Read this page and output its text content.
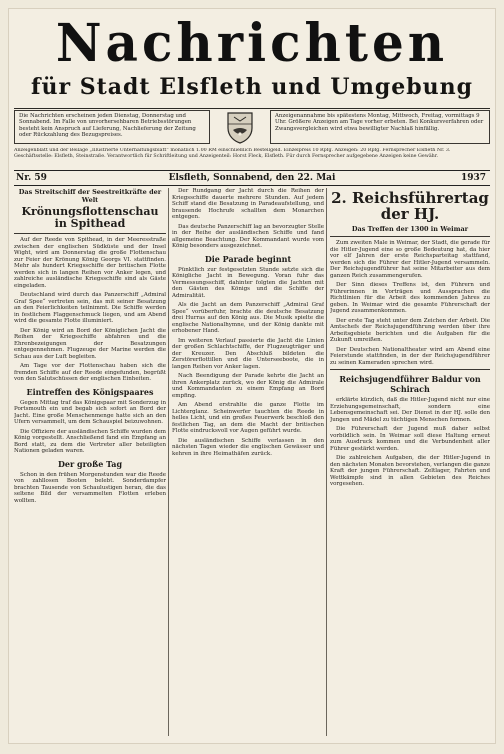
Nachrichten
für Stadt Elsfleth und Umgebung
Die Nachrichten erscheinen jeden Dienstag, Donnerstag und Sonnabend. Im Falle von unvorhersehbaren Betriebsstörungen besteht kein Anspruch auf Lieferung, Nachlieferung der Zeitung oder Rückzahlung des Bezugspreises.
Anzeigenannahme bis spätestens Montag, Mittwoch, Freitag, vormittags 9 Uhr. Größere Anzeigen am Tage vorher erbeten. Bei Konkursverfahren oder Zwangsvergleichen wird etwa bewilligter Nachlaß hinfällig.
Anzeigenblatt und der Beilage „Illustrierte Unterhaltungsblatt“ monatlich 1.00 RM einschließlich Bestellgeld. Einzelpreis 10 Rpfg. Anzeigen: 20 Rpfg. Fernsprecher Elsfleth Nr. 3. Geschäftsstelle: Elsfleth, Steinstraße. Verantwortlich für Schriftleitung und Anzeigenteil: Horst Fleck, Elsfleth. Für durch Fernsprecher aufgegebene Anzeigen keine Gewähr.
Nr. 59	Elsfleth, Sonnabend, den 22. Mai	1937
Das Streitschiff der Seestreitkräfte der Welt
Krönungsflottenschau in Spithead

Auf der Reede von Spithead, in der Meeresstraße zwischen der englischen Südküste und der Insel Wight, wird am Donnerstag die große Flottenschau zur Feier der Krönung König Georgs VI. stattfinden. Mehr als hundert Kriegsschiffe der britischen Flotte werden sich in langen Reihen vor Anker legen, und zahlreiche ausländische Kriegsschiffe sind als Gäste eingeladen.

Deutschland wird durch das Panzerschiff „Admiral Graf Spee“ vertreten sein, das mit seiner Besatzung an den Feierlichkeiten teilnimmt. Die Schiffe werden in festlichem Flaggenschmuck liegen, und am Abend wird die gesamte Flotte illuminiert.

Der König wird an Bord der Königlichen Jacht die Reihen der Kriegsschiffe abfahren und die Ehrenbezeigungen der Besatzungen entgegennehmen. Flugzeuge der Marine werden die Schau aus der Luft begleiten.

Am Tage vor der Flottenschau haben sich die fremden Schiffe auf der Reede eingefunden, begrüßt von den Salutschüssen der englischen Einheiten.

Eintreffen des Königspaares

Gegen Mittag traf das Königspaar mit Sonderzug in Portsmouth ein und begab sich sofort an Bord der Jacht. Eine große Menschenmenge hatte sich an den Ufern versammelt, um dem Schauspiel beizuwohnen.

Die Offiziere der ausländischen Schiffe wurden dem König vorgestellt. Anschließend fand ein Empfang an Bord statt, zu dem die Vertreter aller beteiligten Nationen geladen waren.

Der große Tag

Schon in den frühen Morgenstunden war die Reede von zahllosen Booten belebt. Sonderdampfer brachten Tausende von Schaulustigen heran, die das seltene Bild der versammelten Flotten erleben wollten.

Der Rundgang der Jacht durch die Reihen der Kriegsschiffe dauerte mehrere Stunden. Auf jedem Schiff stand die Besatzung in Paradeaufstellung, und brausende Hochrufe schallten dem Monarchen entgegen.

Das deutsche Panzerschiff lag an bevorzugter Stelle in der Reihe der ausländischen Schiffe und fand allgemeine Beachtung. Der Kommandant wurde vom König besonders ausgezeichnet.

Die Parade beginnt

Pünktlich zur festgesetzten Stunde setzte sich die Königliche Jacht in Bewegung. Voran fuhr das Vermessungsschiff, dahinter folgten die Jachten mit den Gästen des Königs und die Schiffe der Admiralität.

Als die Jacht an dem Panzerschiff „Admiral Graf Spee“ vorüberfuhr, brachte die deutsche Besatzung drei Hurras auf den König aus. Die Musik spielte die englische Nationalhymne, und der König dankte mit erhobener Hand.

Im weiteren Verlauf passierte die Jacht die Linien der großen Schlachtschiffe, der Flugzeugträger und der Kreuzer. Den Abschluß bildeten die Zerstörerflottillen und die Unterseeboote, die in langen Reihen vor Anker lagen.

Nach Beendigung der Parade kehrte die Jacht an ihren Ankerplatz zurück, wo der König die Admirale und Kommandanten zu einem Empfang an Bord empfing.

Am Abend erstrahlte die ganze Flotte im Lichterglanz. Scheinwerfer tauchten die Reede in helles Licht, und ein großes Feuerwerk beschloß den festlichen Tag, an dem die Macht der britischen Flotte eindrucksvoll vor Augen geführt wurde.

Die ausländischen Schiffe verlassen in den nächsten Tagen wieder die englischen Gewässer und kehren in ihre Heimathäfen zurück.

2. Reichsführertag der HJ.
Das Treffen der 1300 in Weimar

Zum zweiten Male in Weimar, der Stadt, die gerade für die Hitler-Jugend eine so große Bedeutung hat, da hier vor elf Jahren der erste Reichsparteitag stattfand, werden sich die Führer der Hitler-Jugend versammeln. Der Reichsjugendführer hat seine Mitarbeiter aus dem ganzen Reich zusammengerufen.

Der Sinn dieses Treffens ist, den Führern und Führerinnen in Vorträgen und Aussprachen die Richtlinien für die Arbeit des kommenden Jahres zu geben. In Weimar wird die gesamte Führerschaft der Jugend zusammenkommen.

Der erste Tag steht unter dem Zeichen der Arbeit. Die Amtschefs der Reichsjugendführung werden über ihre Arbeitsgebiete berichten und die Aufgaben für die Zukunft umreißen.

Der Deutschen Nationaltheater wird am Abend eine Feierstunde stattfinden, in der der Reichsjugendführer zu seinen Kameraden sprechen wird.

Reichsjugendführer Baldur von Schirach

erklärte kürzlich, daß die Hitler-Jugend nicht nur eine Erziehungsgemeinschaft, sondern eine Lebensgemeinschaft sei. Der Dienst in der HJ. solle den Jungen und Mädel zu tüchtigen Menschen formen.

Die Führerschaft der Jugend muß daher selbst vorbildlich sein. In Weimar soll diese Haltung erneut zum Ausdruck kommen und die Verbundenheit aller Führer gestärkt werden.

Die zahlreichen Aufgaben, die der Hitler-Jugend in den nächsten Monaten bevorstehen, verlangen die ganze Kraft der jungen Führerschaft. Zeltlager, Fahrten und Wettkämpfe sind in allen Gebieten des Reiches vorgesehen.
